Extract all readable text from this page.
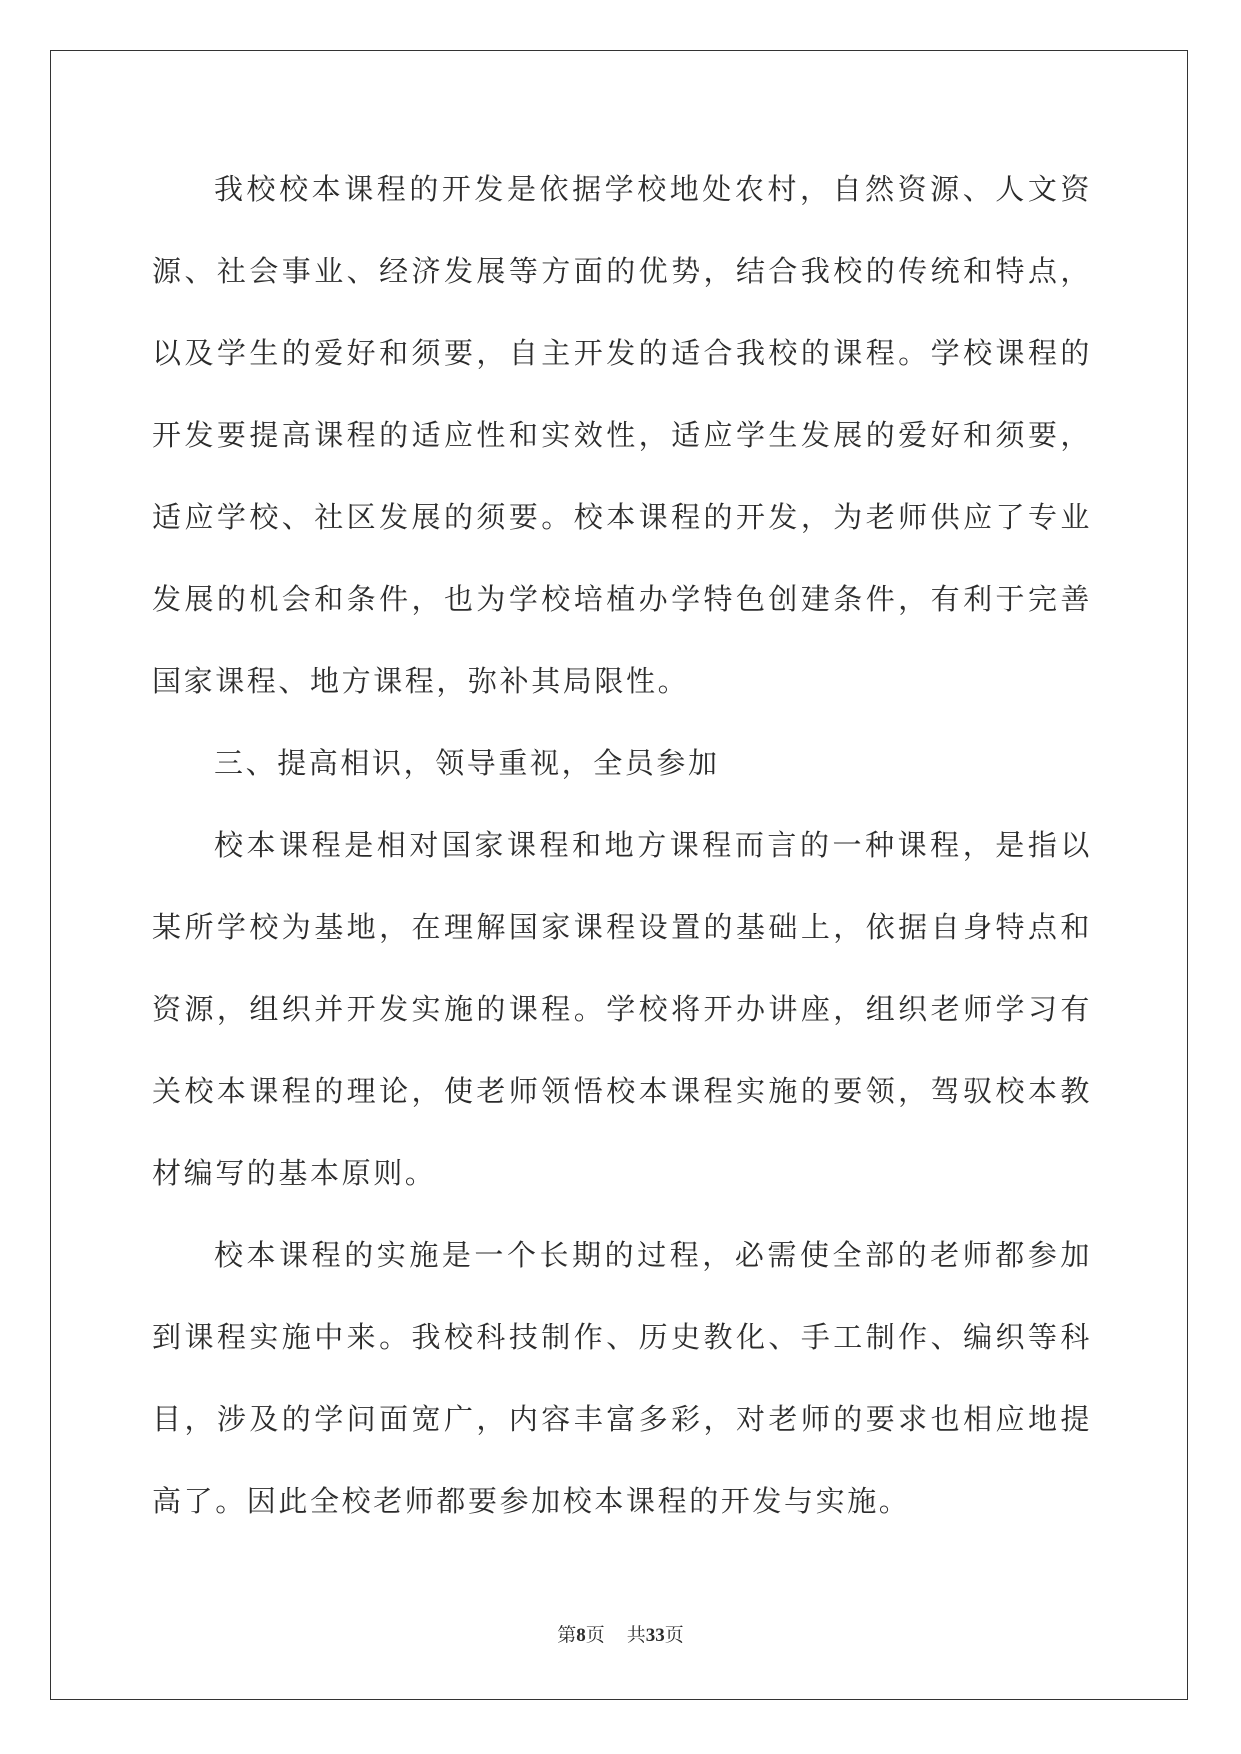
我校校本课程的开发是依据学校地处农村，自然资源、人文资源、社会事业、经济发展等方面的优势，结合我校的传统和特点，以及学生的爱好和须要，自主开发的适合我校的课程。学校课程的开发要提高课程的适应性和实效性，适应学生发展的爱好和须要，适应学校、社区发展的须要。校本课程的开发，为老师供应了专业发展的机会和条件，也为学校培植办学特色创建条件，有利于完善国家课程、地方课程，弥补其局限性。

三、提高相识，领导重视，全员参加

校本课程是相对国家课程和地方课程而言的一种课程，是指以某所学校为基地，在理解国家课程设置的基础上，依据自身特点和资源，组织并开发实施的课程。学校将开办讲座，组织老师学习有关校本课程的理论，使老师领悟校本课程实施的要领，驾驭校本教材编写的基本原则。

校本课程的实施是一个长期的过程，必需使全部的老师都参加到课程实施中来。我校科技制作、历史教化、手工制作、编织等科目，涉及的学问面宽广，内容丰富多彩，对老师的要求也相应地提高了。因此全校老师都要参加校本课程的开发与实施。

第8页 共33页
